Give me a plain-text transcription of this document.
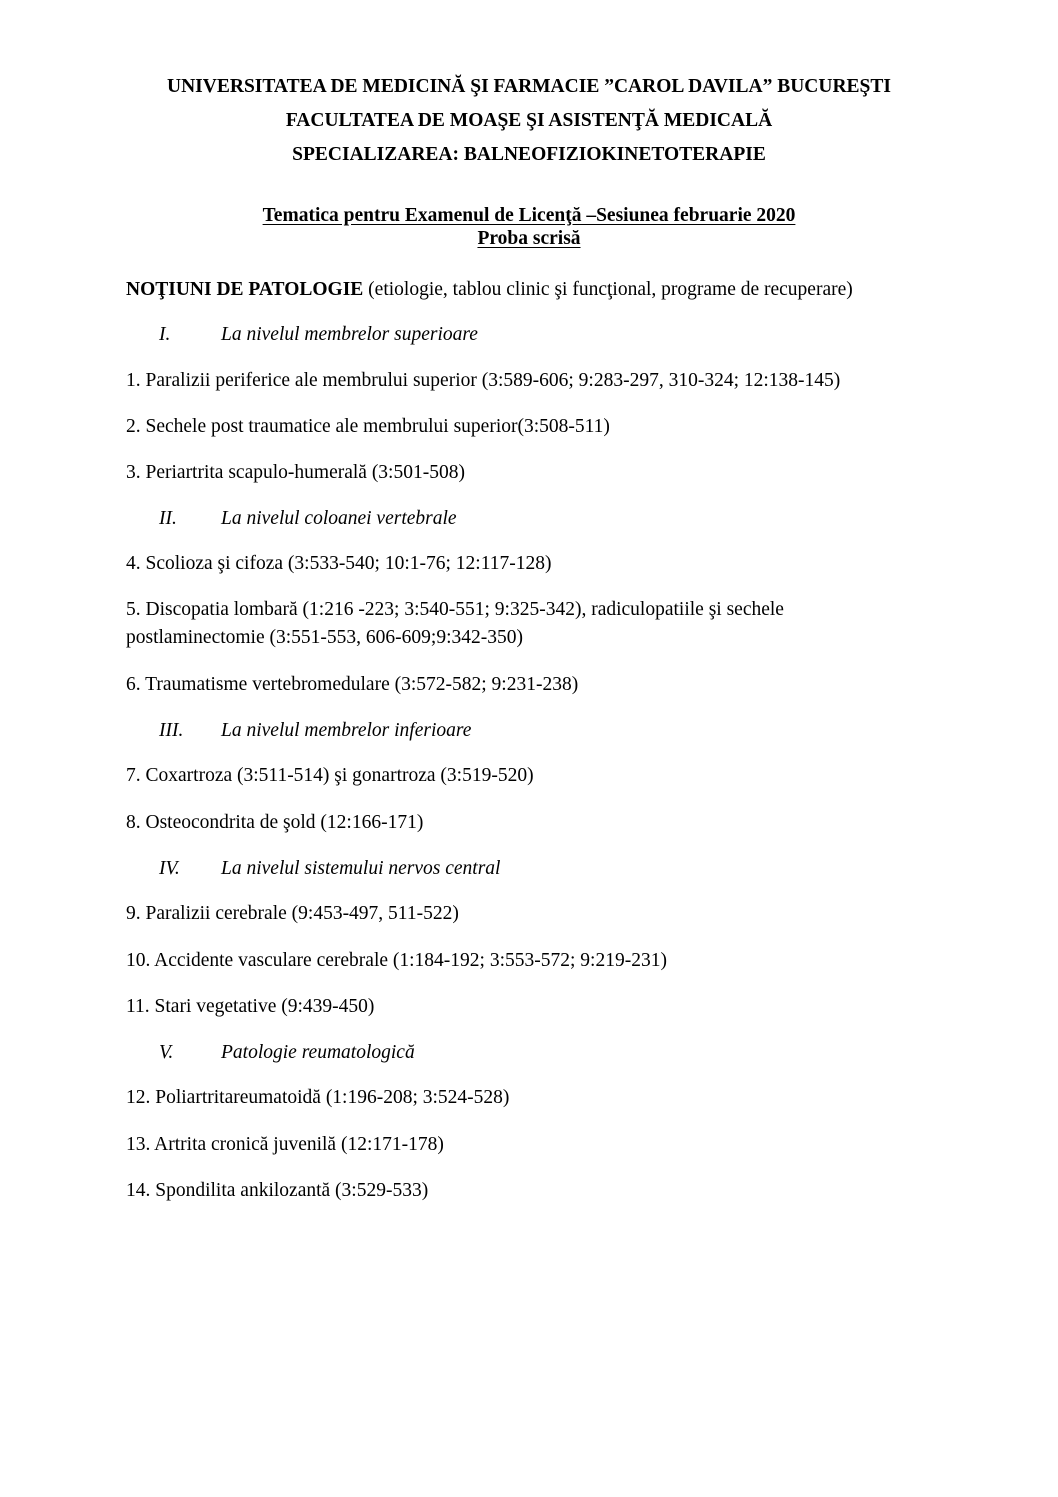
UNIVERSITATEA DE MEDICINĂ ŞI FARMACIE ”CAROL DAVILA” BUCUREŞTI
FACULTATEA DE MOAŞE ŞI ASISTENŢĂ MEDICALĂ
SPECIALIZAREA: BALNEOFIZIOKINETOTERAPIE
Tematica pentru Examenul de Licenţă –Sesiunea februarie 2020
Proba scrisă
NOŢIUNI DE PATOLOGIE (etiologie, tablou clinic şi funcţional, programe de recuperare)
I.	La nivelul membrelor superioare
1. Paralizii periferice ale membrului superior (3:589-606; 9:283-297, 310-324; 12:138-145)
2. Sechele post traumatice ale membrului superior(3:508-511)
3. Periartrita scapulo-humerală (3:501-508)
II. La nivelul coloanei vertebrale
4. Scolioza şi cifoza (3:533-540; 10:1-76; 12:117-128)
5. Discopatia lombară (1:216 -223; 3:540-551; 9:325-342), radiculopatiile şi sechele
postlaminectomie (3:551-553, 606-609;9:342-350)
6. Traumatisme vertebromedulare (3:572-582; 9:231-238)
III. La nivelul membrelor inferioare
7. Coxartroza (3:511-514) şi gonartroza (3:519-520)
8. Osteocondrita de şold (12:166-171)
IV. La nivelul sistemului nervos central
9. Paralizii cerebrale (9:453-497, 511-522)
10. Accidente vasculare cerebrale (1:184-192; 3:553-572; 9:219-231)
11. Stari vegetative (9:439-450)
V. Patologie reumatologică
12. Poliartritareumatoidă (1:196-208; 3:524-528)
13. Artrita cronică juvenilă (12:171-178)
14. Spondilita ankilozantă (3:529-533)
